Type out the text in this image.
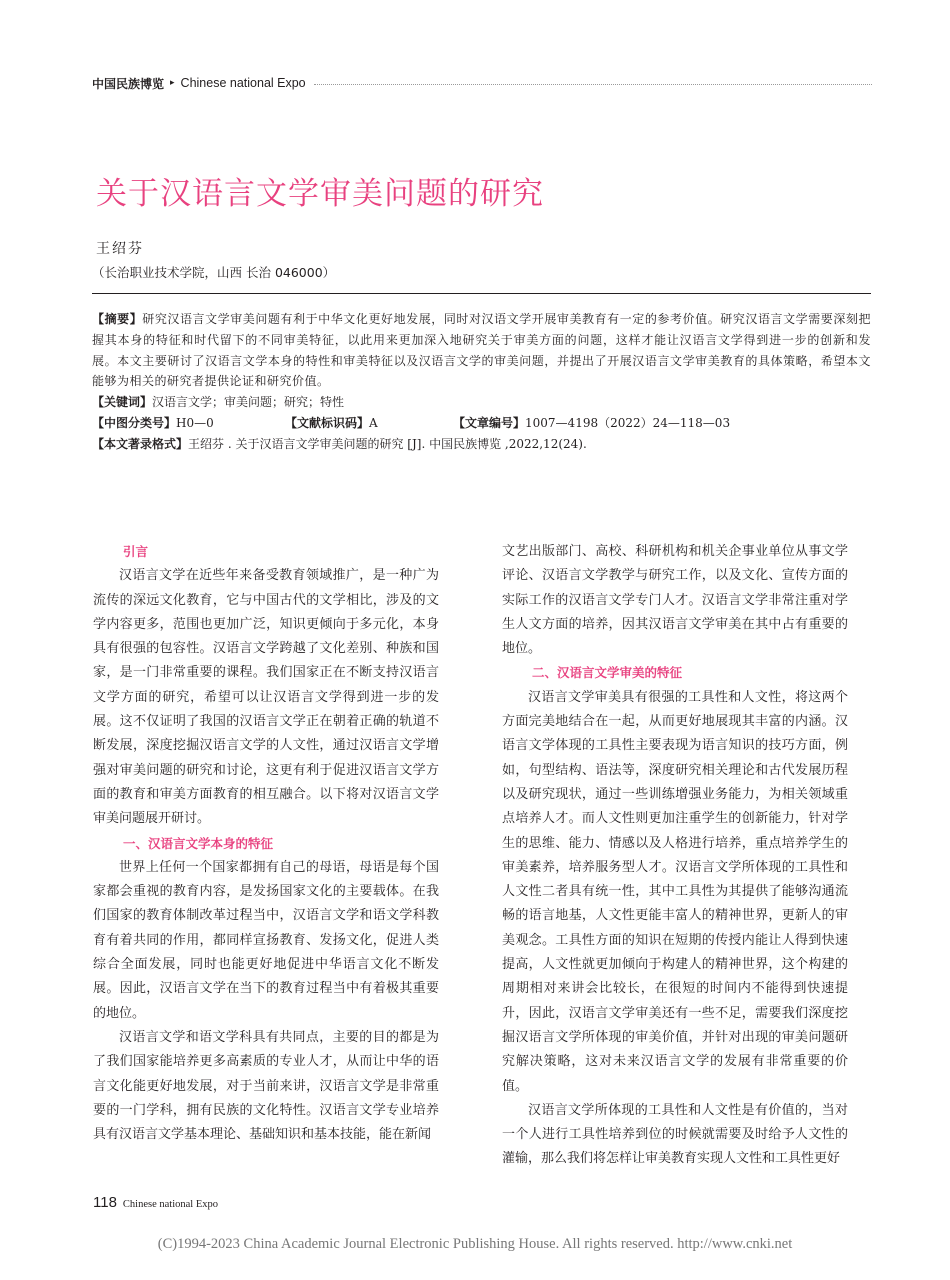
中国民族博览 ▸ Chinese national Expo
关于汉语言文学审美问题的研究
王绍芬
（长治职业技术学院，山西 长治 046000）

【摘要】研究汉语言文学审美问题有利于中华文化更好地发展，同时对汉语文学开展审美教育有一定的参考价值。研究汉语言文学需要深刻把握其本身的特征和时代留下的不同审美特征，以此用来更加深入地研究关于审美方面的问题，这样才能让汉语言文学得到进一步的创新和发展。本文主要研讨了汉语言文学本身的特性和审美特征以及汉语言文学的审美问题，并提出了开展汉语言文学审美教育的具体策略，希望本文能够为相关的研究者提供论证和研究价值。

【关键词】汉语言文学；审美问题；研究；特性

【中图分类号】H0—0	【文献标识码】A	【文章编号】1007—4198（2022）24—118—03

【本文著录格式】王绍芬 . 关于汉语言文学审美问题的研究 [J]. 中国民族博览 ,2022,12(24).

引言

汉语言文学在近些年来备受教育领域推广，是一种广为流传的深远文化教育，它与中国古代的文学相比，涉及的文学内容更多，范围也更加广泛，知识更倾向于多元化，本身具有很强的包容性。汉语言文学跨越了文化差别、种族和国家，是一门非常重要的课程。我们国家正在不断支持汉语言文学方面的研究，希望可以让汉语言文学得到进一步的发展。这不仅证明了我国的汉语言文学正在朝着正确的轨道不断发展，深度挖掘汉语言文学的人文性，通过汉语言文学增强对审美问题的研究和讨论，这更有利于促进汉语言文学方面的教育和审美方面教育的相互融合。以下将对汉语言文学审美问题展开研讨。

一、汉语言文学本身的特征

世界上任何一个国家都拥有自己的母语，母语是每个国家都会重视的教育内容，是发扬国家文化的主要载体。在我们国家的教育体制改革过程当中，汉语言文学和语文学科教育有着共同的作用，都同样宣扬教育、发扬文化，促进人类综合全面发展，同时也能更好地促进中华语言文化不断发展。因此，汉语言文学在当下的教育过程当中有着极其重要的地位。

汉语言文学和语文学科具有共同点，主要的目的都是为了我们国家能培养更多高素质的专业人才，从而让中华的语言文化能更好地发展，对于当前来讲，汉语言文学是非常重要的一门学科，拥有民族的文化特性。汉语言文学专业培养具有汉语言文学基本理论、基础知识和基本技能，能在新闻

文艺出版部门、高校、科研机构和机关企事业单位从事文学评论、汉语言文学教学与研究工作，以及文化、宣传方面的实际工作的汉语言文学专门人才。汉语言文学非常注重对学生人文方面的培养，因其汉语言文学审美在其中占有重要的地位。

二、汉语言文学审美的特征

汉语言文学审美具有很强的工具性和人文性，将这两个方面完美地结合在一起，从而更好地展现其丰富的内涵。汉语言文学体现的工具性主要表现为语言知识的技巧方面，例如，句型结构、语法等，深度研究相关理论和古代发展历程以及研究现状，通过一些训练增强业务能力，为相关领域重点培养人才。而人文性则更加注重学生的创新能力，针对学生的思维、能力、情感以及人格进行培养，重点培养学生的审美素养，培养服务型人才。汉语言文学所体现的工具性和人文性二者具有统一性，其中工具性为其提供了能够沟通流畅的语言地基，人文性更能丰富人的精神世界，更新人的审美观念。工具性方面的知识在短期的传授内能让人得到快速提高，人文性就更加倾向于构建人的精神世界，这个构建的周期相对来讲会比较长，在很短的时间内不能得到快速提升，因此，汉语言文学审美还有一些不足，需要我们深度挖掘汉语言文学所体现的审美价值，并针对出现的审美问题研究解决策略，这对未来汉语言文学的发展有非常重要的价值。

汉语言文学所体现的工具性和人文性是有价值的，当对一个人进行工具性培养到位的时候就需要及时给予人文性的灌输，那么我们将怎样让审美教育实现人文性和工具性更好

118 Chinese national Expo
(C)1994-2023 China Academic Journal Electronic Publishing House. All rights reserved. http://www.cnki.net
